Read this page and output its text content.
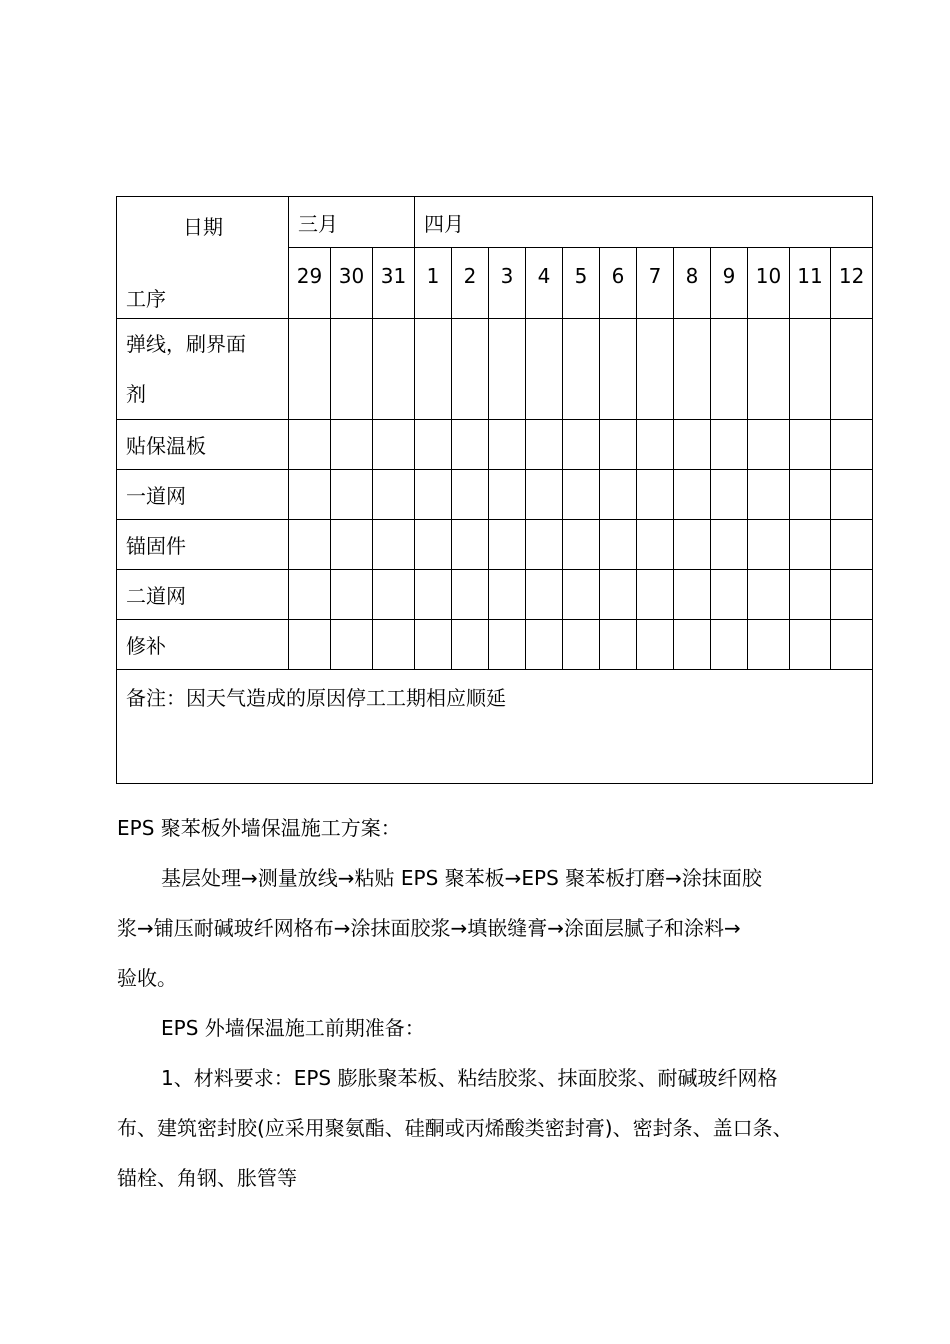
日期
工序	三月			四月											
	29	30	31	1	2	3	4	5	6	7	8	9	10	11	12

弹线，刷界面
剂															

贴保温板															
一道网															
锚固件															
二道网															
修补															
备注：因天气造成的原因停工工期相应顺延															
EPS 聚苯板外墙保温施工方案：
基层处理→测量放线→粘贴 EPS 聚苯板→EPS 聚苯板打磨→涂抹面胶
浆→铺压耐碱玻纤网格布→涂抹面胶浆→填嵌缝膏→涂面层腻子和涂料→
验收。
EPS 外墙保温施工前期准备：
1、材料要求：EPS 膨胀聚苯板、粘结胶浆、抹面胶浆、耐碱玻纤网格
布、建筑密封胶(应采用聚氨酯、硅酮或丙烯酸类密封膏)、密封条、盖口条、
锚栓、角钢、胀管等
